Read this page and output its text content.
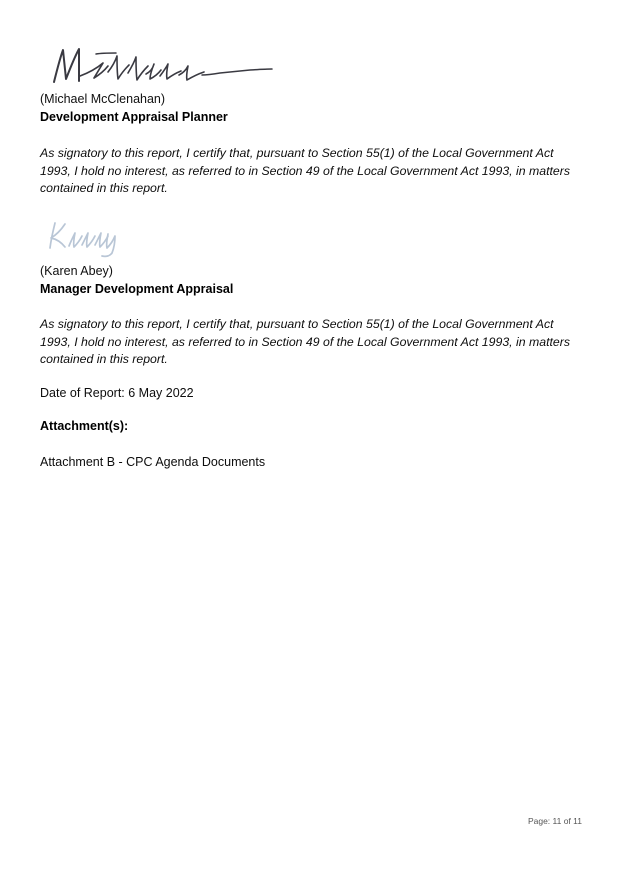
(Michael McClenahan)
Development Appraisal Planner
As signatory to this report, I certify that, pursuant to Section 55(1) of the Local Government Act 1993, I hold no interest, as referred to in Section 49 of the Local Government Act 1993, in matters contained in this report.
(Karen Abey)
Manager Development Appraisal
As signatory to this report, I certify that, pursuant to Section 55(1) of the Local Government Act 1993, I hold no interest, as referred to in Section 49 of the Local Government Act 1993, in matters contained in this report.
Date of Report: 6 May 2022
Attachment(s):
Attachment B - CPC Agenda Documents
Page: 11 of 11
